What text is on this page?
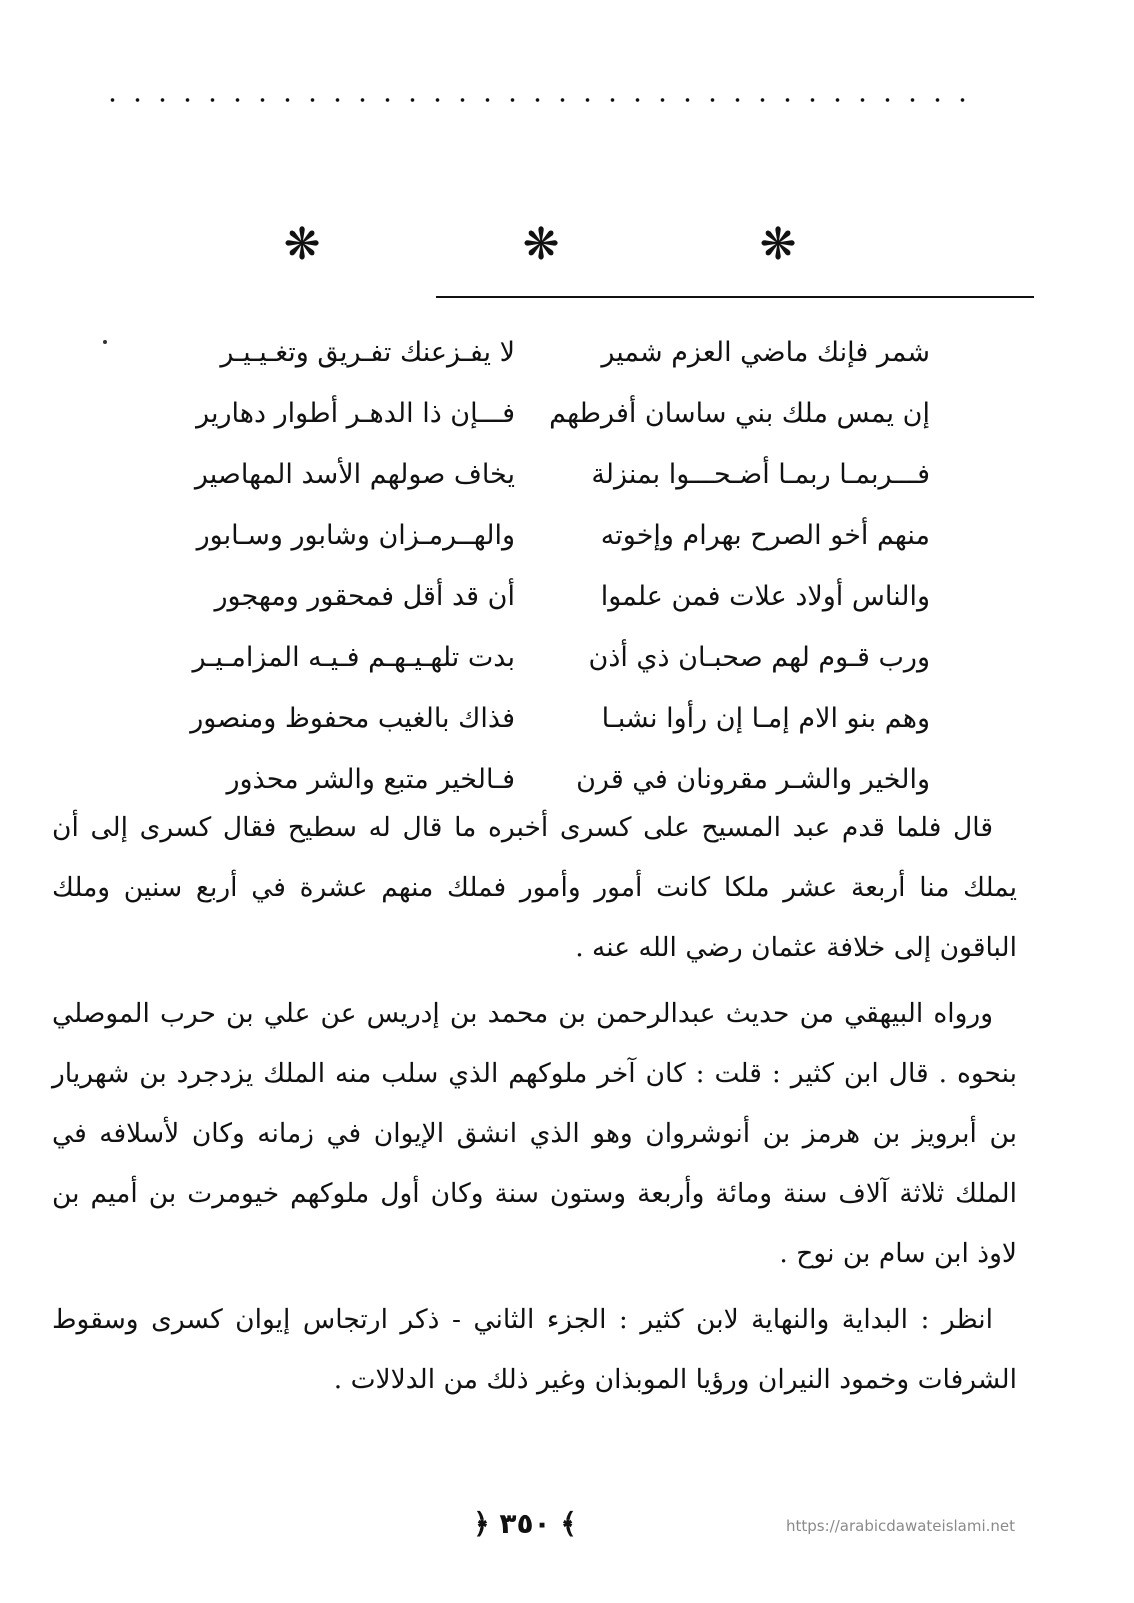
❋
❋
❋
شمر فإنك ماضي العزم شمير
لا يفـزعنك تفـريق وتغـيـيـر
إن يمس ملك بني ساسان أفرطهم
فـــإن ذا الدهـر أطوار دهارير
فـــربمـا ربمـا أضـحـــوا بمنزلة
يخاف صولهم الأسد المهاصير
منهم أخو الصرح بهرام وإخوته
والهــرمـزان وشابور وسـابور
والناس أولاد علات فمن علموا
أن قد أقل فمحقور ومهجور
ورب قـوم لهم صحبـان ذي أذن
بدت تلهـيـهـم فـيـه المزامـيـر
وهم بنو الام إمـا إن رأوا نشبـا
فذاك بالغيب محفوظ ومنصور
والخير والشـر مقرونان في قرن
فـالخير متبع والشر محذور

قال فلما قدم عبد المسيح على كسرى أخبره ما قال له سطيح فقال كسرى إلى أن يملك منا أربعة عشر ملكا كانت أمور وأمور فملك منهم عشرة في أربع سنين وملك الباقون إلى خلافة عثمان رضي الله عنه .

ورواه البيهقي من حديث عبدالرحمن بن محمد بن إدريس عن علي بن حرب الموصلي بنحوه . قال ابن كثير : قلت : كان آخر ملوكهم الذي سلب منه الملك يزدجرد بن شهريار بن أبرويز بن هرمز بن أنوشروان وهو الذي انشق الإيوان في زمانه وكان لأسلافه في الملك ثلاثة آلاف سنة ومائة وأربعة وستون سنة وكان أول ملوكهم خيومرت بن أميم بن لاوذ ابن سام بن نوح .

انظر : البداية والنهاية لابن كثير : الجزء الثاني - ذكر ارتجاس إيوان كسرى وسقوط الشرفات وخمود النيران ورؤيا الموبذان وغير ذلك من الدلالات .

﴿ ٣٥٠ ﴾	https://arabicdawateislami.net
